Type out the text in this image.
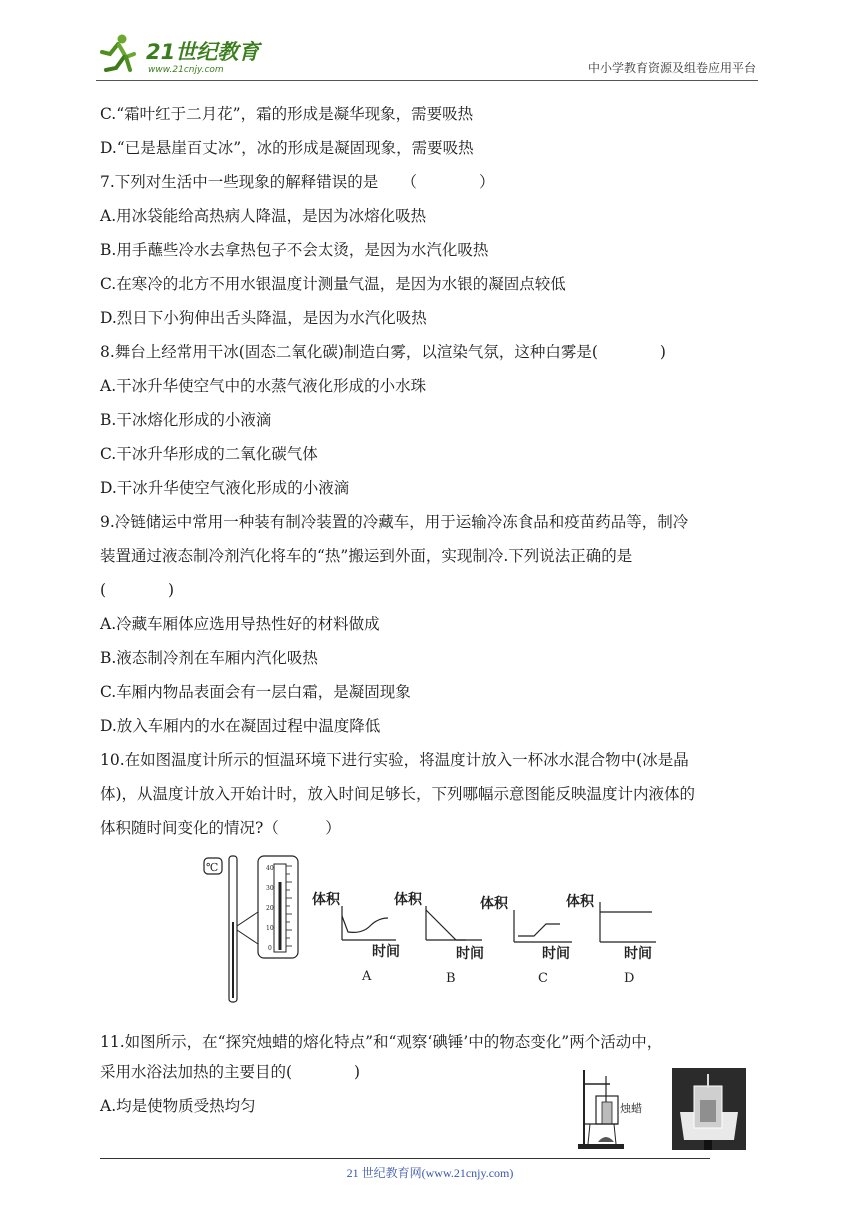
21世纪教育
www.21cnjy.com	中小学教育资源及组卷应用平台
C.“霜叶红于二月花”，霜的形成是凝华现象，需要吸热
D.“已是悬崖百丈冰”，冰的形成是凝固现象，需要吸热
7.下列对生活中一些现象的解释错误的是　　（　　　　）
A.用冰袋能给高热病人降温，是因为冰熔化吸热
B.用手蘸些冷水去拿热包子不会太烫，是因为水汽化吸热
C.在寒冷的北方不用水银温度计测量气温，是因为水银的凝固点较低
D.烈日下小狗伸出舌头降温，是因为水汽化吸热
8.舞台上经常用干冰(固态二氧化碳)制造白雾，以渲染气氛，这种白雾是(　　　　)
A.干冰升华使空气中的水蒸气液化形成的小水珠
B.干冰熔化形成的小液滴
C.干冰升华形成的二氧化碳气体
D.干冰升华使空气液化形成的小液滴
9.冷链储运中常用一种装有制冷装置的冷藏车，用于运输冷冻食品和疫苗药品等，制冷
装置通过液态制冷剂汽化将车的“热”搬运到外面，实现制冷.下列说法正确的是
(　　　　)
A.冷藏车厢体应选用导热性好的材料做成
B.液态制冷剂在车厢内汽化吸热
C.车厢内物品表面会有一层白霜，是凝固现象
D.放入车厢内的水在凝固过程中温度降低
10.在如图温度计所示的恒温环境下进行实验，将温度计放入一杯冰水混合物中(冰是晶
体)，从温度计放入开始计时，放入时间足够长，下列哪幅示意图能反映温度计内液体的
体积随时间变化的情况?（　　　）
℃	40
30
20
10
0
体积
时间
A
体积
时间
B
体积
时间
C
体积
时间
D
11.如图所示，在“探究烛蜡的熔化特点”和“观察‘碘锤’中的物态变化”两个活动中，
采用水浴法加热的主要目的(　　　　)
A.均是使物质受热均匀	烛蜡
21 世纪教育网(www.21cnjy.com)
